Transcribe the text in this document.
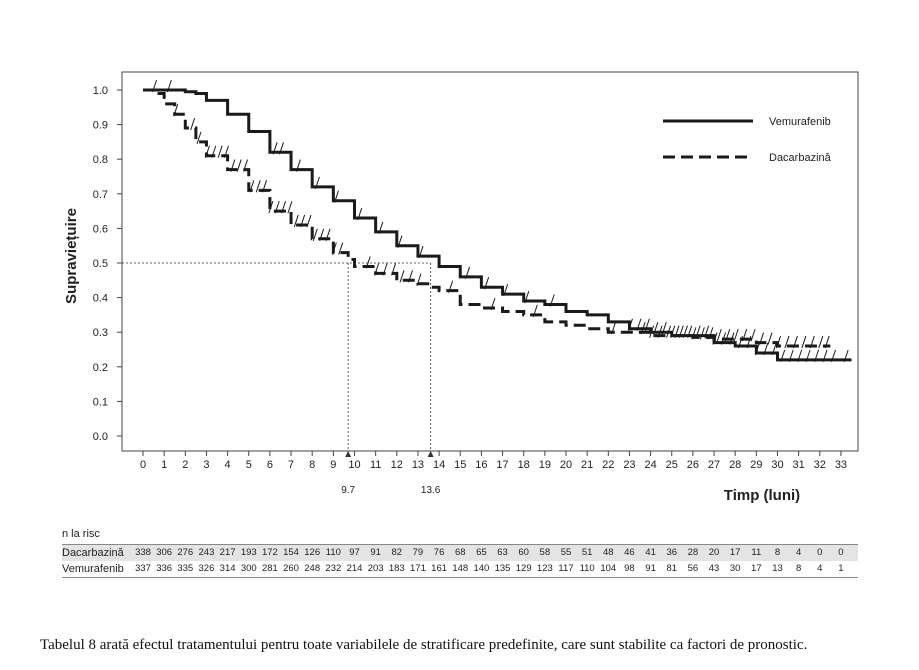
0.0
0.1
0.2
0.3
0.4
0.5
0.6
0.7
0.8
0.9
1.0
0 1 2 3 4 5 6 7 8 9 10 11 12 13 14 15 16 17 18 19 20 21 22 23 24 25 26 27 28 29 30 31 32 33
9.7	13.6
Vemurafenib
Dacarbazină
Supraviețuire
Timp (luni)
n la risc
Dacarbazină 338 306 276 243 217 193 172 154 126 110 97 91 82 79 76 68 65 63 60 58 55 51 48 46 41 36 28 20 17 11 8 4 0 0
Vemurafenib 337 336 335 326 314 300 281 260 248 232 214 203 183 171 161 148 140 135 129 123 117 110 104 98 91 81 56 43 30 17 13 8 4 1
Tabelul 8 arată efectul tratamentului pentru toate variabilele de stratificare predefinite, care sunt stabilite ca factori de pronostic.
